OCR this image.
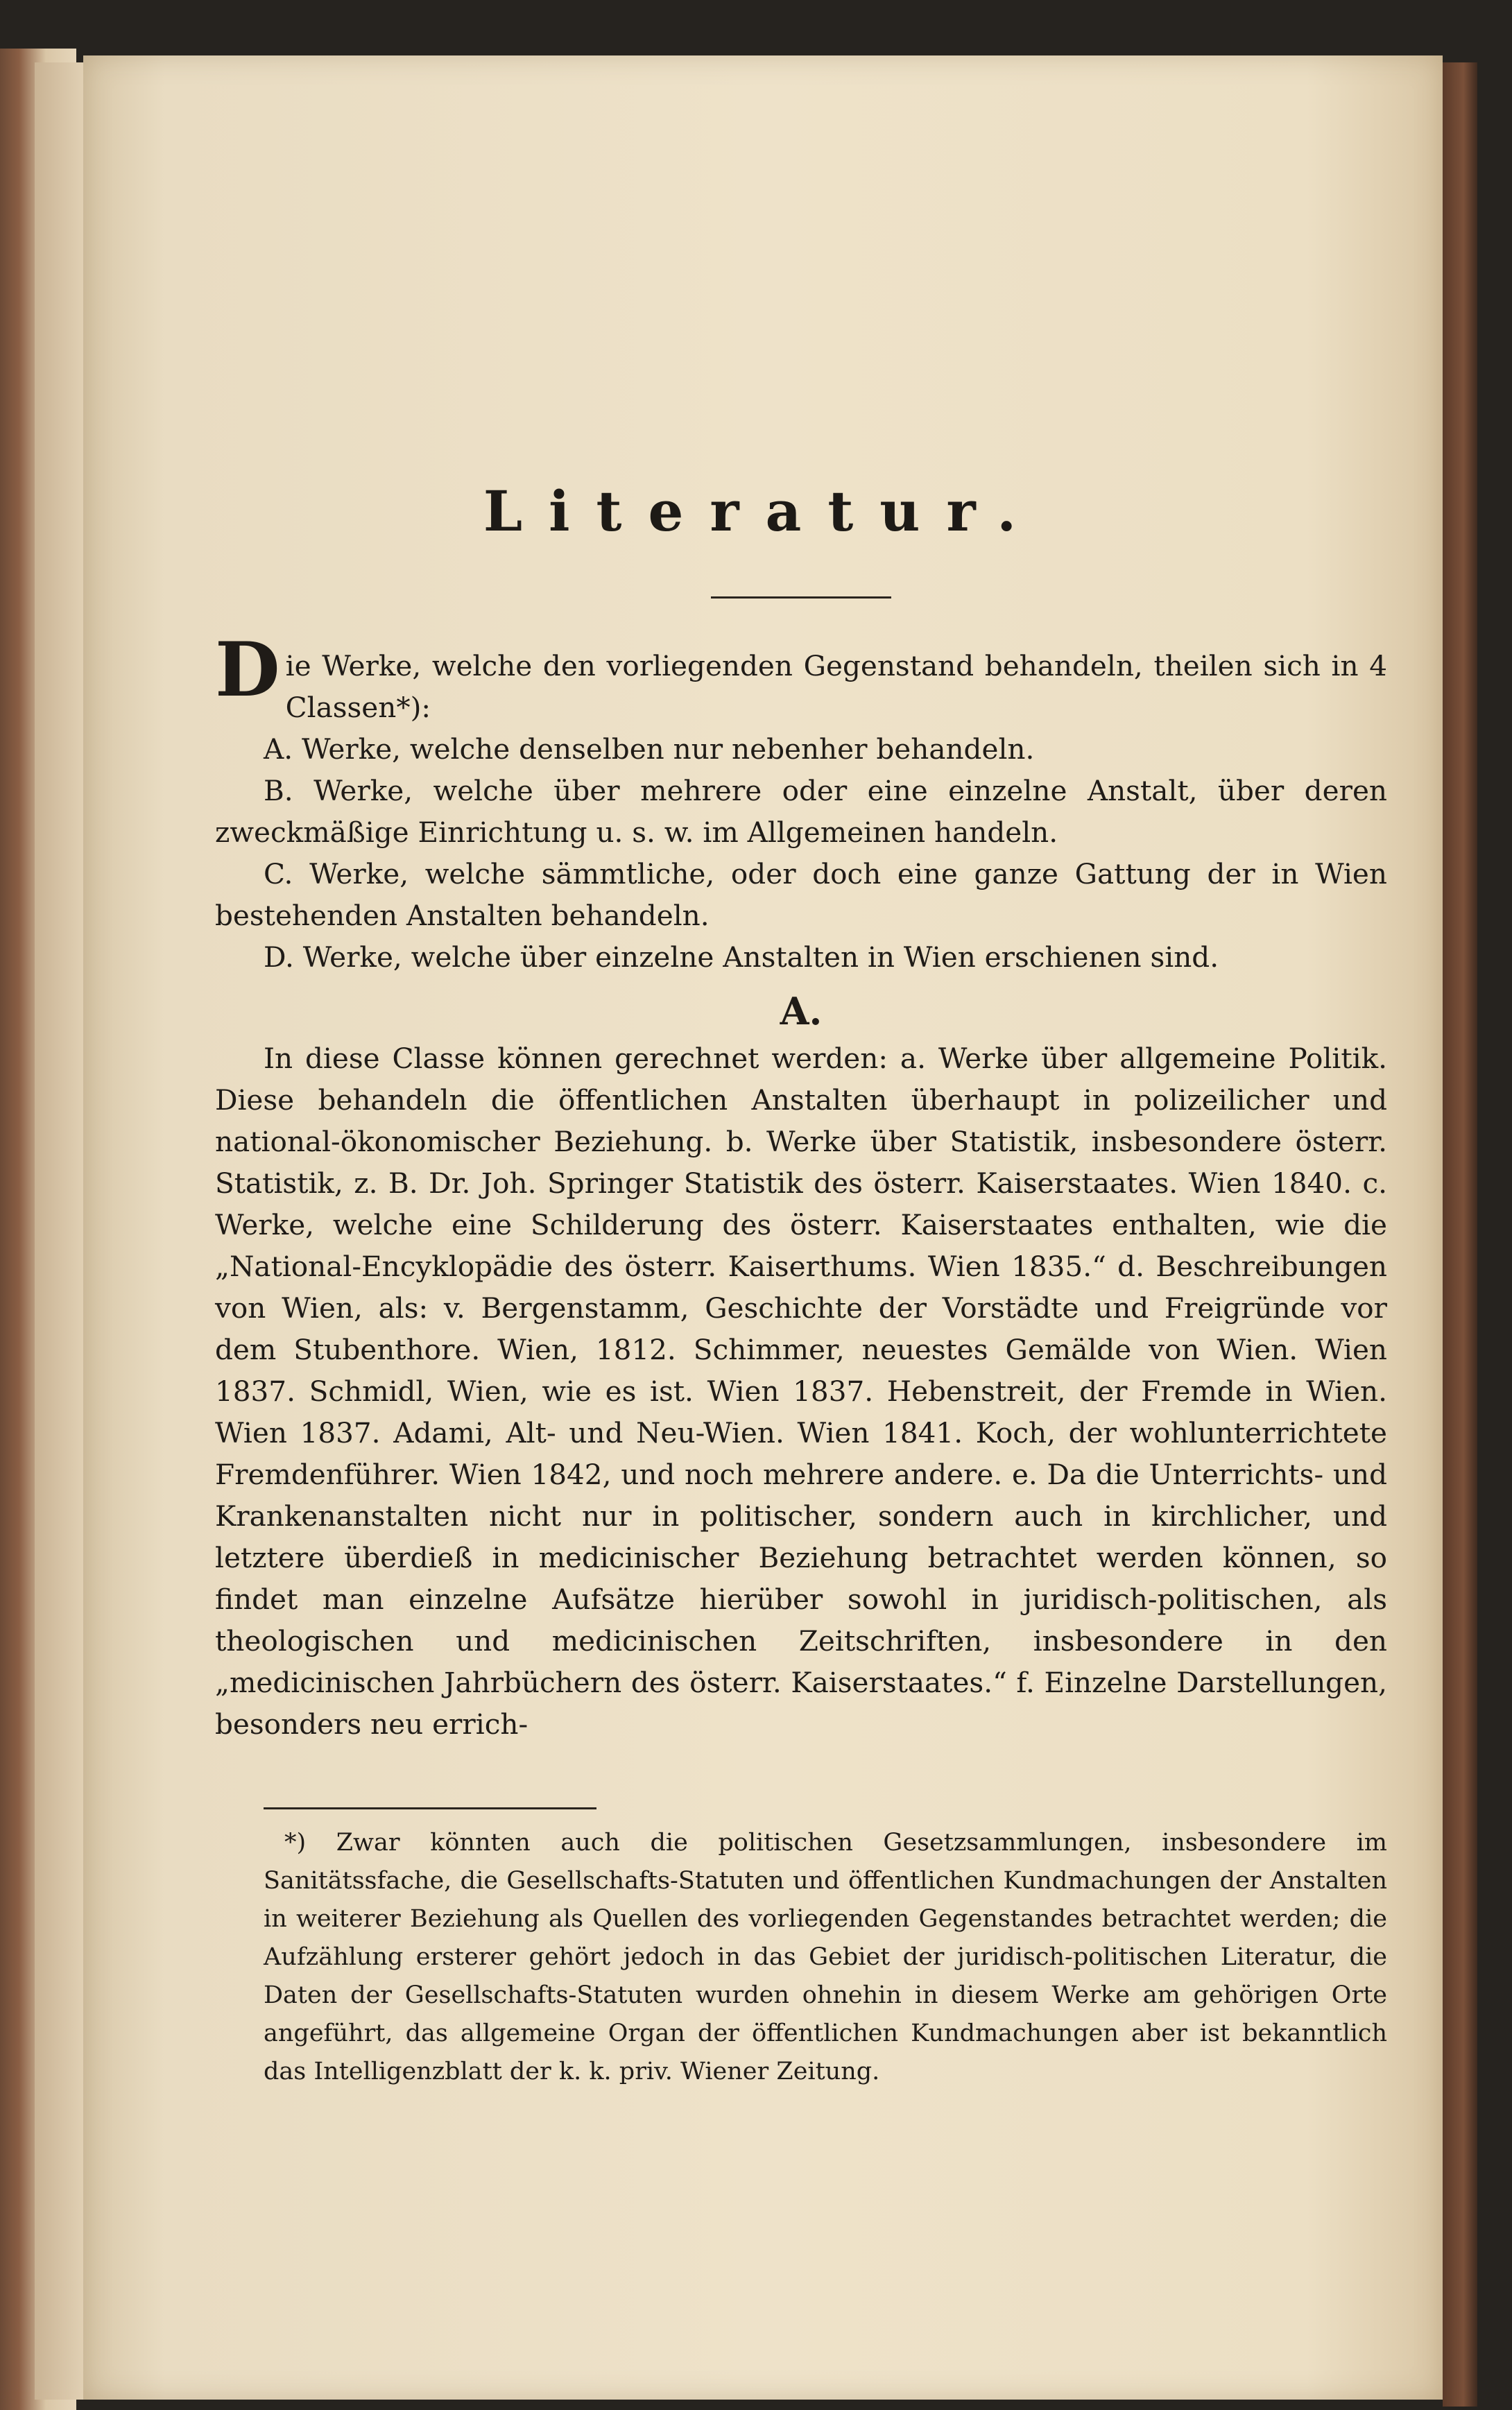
Literatur.

Die Werke, welche den vorliegenden Gegenstand behandeln, theilen sich in 4 Classen*):

A. Werke, welche denselben nur nebenher behandeln.

B. Werke, welche über mehrere oder eine einzelne Anstalt, über deren zweckmäßige Einrichtung u. s. w. im Allgemeinen handeln.

C. Werke, welche sämmtliche, oder doch eine ganze Gattung der in Wien bestehenden Anstalten behandeln.

D. Werke, welche über einzelne Anstalten in Wien erschienen sind.

A.

In diese Classe können gerechnet werden: a. Werke über allgemeine Politik. Diese behandeln die öffentlichen Anstalten überhaupt in polizeilicher und national-ökonomischer Beziehung. b. Werke über Statistik, insbesondere österr. Statistik, z. B. Dr. Joh. Springer Statistik des österr. Kaiserstaates. Wien 1840. c. Werke, welche eine Schilderung des österr. Kaiserstaates enthalten, wie die „National-Encyklopädie des österr. Kaiserthums. Wien 1835.“ d. Beschreibungen von Wien, als: v. Bergenstamm, Geschichte der Vorstädte und Freigründe vor dem Stubenthore. Wien, 1812. Schimmer, neuestes Gemälde von Wien. Wien 1837. Schmidl, Wien, wie es ist. Wien 1837. Hebenstreit, der Fremde in Wien. Wien 1837. Adami, Alt- und Neu-Wien. Wien 1841. Koch, der wohlunterrichtete Fremdenführer. Wien 1842, und noch mehrere andere. e. Da die Unterrichts- und Krankenanstalten nicht nur in politischer, sondern auch in kirchlicher, und letztere überdieß in medicinischer Beziehung betrachtet werden können, so findet man einzelne Aufsätze hierüber sowohl in juridisch-politischen, als theologischen und medicinischen Zeitschriften, insbesondere in den „medicinischen Jahrbüchern des österr. Kaiserstaates.“ f. Einzelne Darstellungen, besonders neu errich-

*) Zwar könnten auch die politischen Gesetzsammlungen, insbesondere im Sanitätssfache, die Gesellschafts-Statuten und öffentlichen Kundmachungen der Anstalten in weiterer Beziehung als Quellen des vorliegenden Gegenstandes betrachtet werden; die Aufzählung ersterer gehört jedoch in das Gebiet der juridisch-politischen Literatur, die Daten der Gesellschafts-Statuten wurden ohnehin in diesem Werke am gehörigen Orte angeführt, das allgemeine Organ der öffentlichen Kundmachungen aber ist bekanntlich das Intelligenzblatt der k. k. priv. Wiener Zeitung.
